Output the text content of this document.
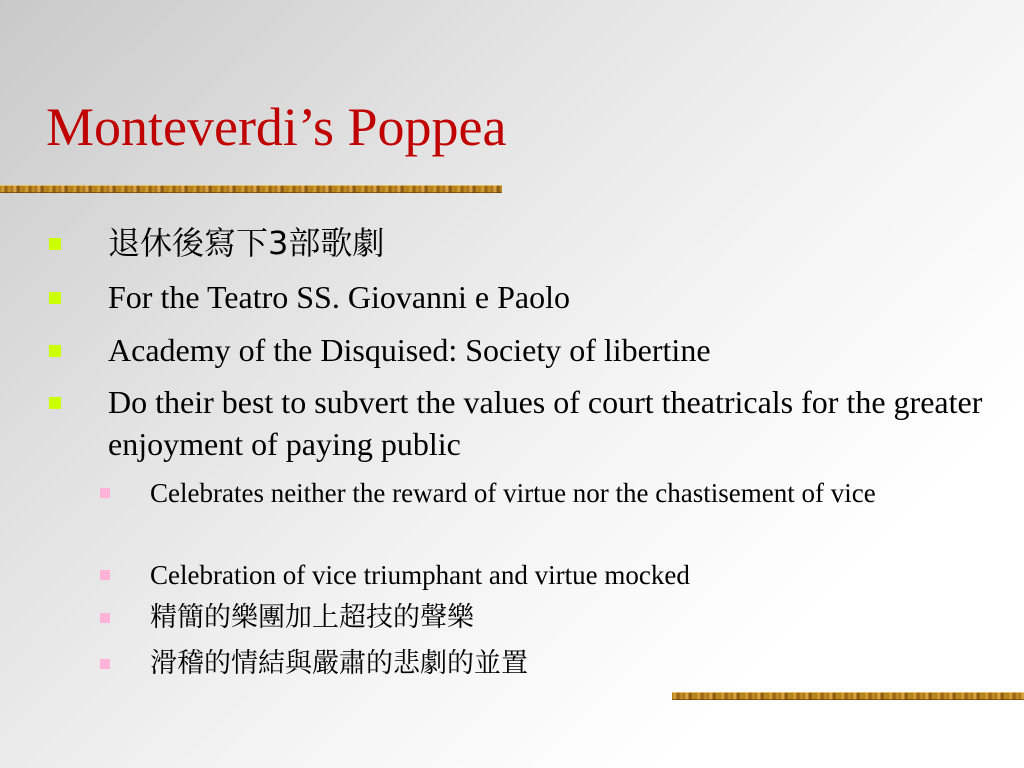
Monteverdi’s Poppea
退休後寫下3部歌劇
For the Teatro SS. Giovanni e Paolo
Academy of the Disquised: Society of libertine
Do their best to subvert the values of court theatricals for the greater enjoyment of paying public
Celebrates neither the reward of virtue nor the chastisement of vice
Celebration of vice triumphant and virtue mocked
精簡的樂團加上超技的聲樂
滑稽的情結與嚴肅的悲劇的並置
